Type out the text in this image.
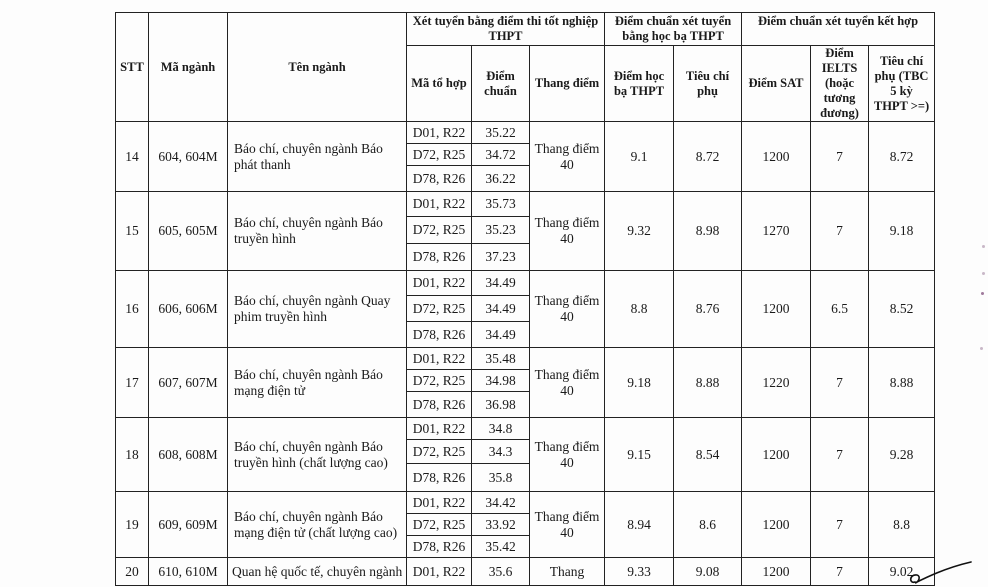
STT	Mã ngành	Tên ngành	Xét tuyển bằng điểm thi tốt nghiệp THPT			Điểm chuẩn xét tuyển bằng học bạ THPT		Điểm chuẩn xét tuyển kết hợp		
			Mã tổ hợp	Điểm chuẩn	Thang điểm	Điểm học bạ THPT	Tiêu chí phụ	Điểm SAT	Điểm IELTS (hoặc tương đương)	Tiêu chí phụ (TBC 5 kỳ THPT >=)
14	604, 604M	Báo chí, chuyên ngành Báo phát thanh	D01, R22	35.22	Thang điểm 40	9.1	8.72	1200	7	8.72
			D72, R25	34.72						
			D78, R26	36.22						
15	605, 605M	Báo chí, chuyên ngành Báo truyền hình	D01, R22	35.73	Thang điểm 40	9.32	8.98	1270	7	9.18
			D72, R25	35.23						
			D78, R26	37.23						
16	606, 606M	Báo chí, chuyên ngành Quay phim truyền hình	D01, R22	34.49	Thang điểm 40	8.8	8.76	1200	6.5	8.52
			D72, R25	34.49						
			D78, R26	34.49						
17	607, 607M	Báo chí, chuyên ngành Báo mạng điện tử	D01, R22	35.48	Thang điểm 40	9.18	8.88	1220	7	8.88
			D72, R25	34.98						
			D78, R26	36.98						
18	608, 608M	Báo chí, chuyên ngành Báo truyền hình (chất lượng cao)	D01, R22	34.8	Thang điểm 40	9.15	8.54	1200	7	9.28
			D72, R25	34.3						
			D78, R26	35.8						
19	609, 609M	Báo chí, chuyên ngành Báo mạng điện tử (chất lượng cao)	D01, R22	34.42	Thang điểm 40	8.94	8.6	1200	7	8.8
			D72, R25	33.92						
			D78, R26	35.42						
20	610, 610M	Quan hệ quốc tế, chuyên ngành	D01, R22	35.6	Thang	9.33	9.08	1200	7	9.02
